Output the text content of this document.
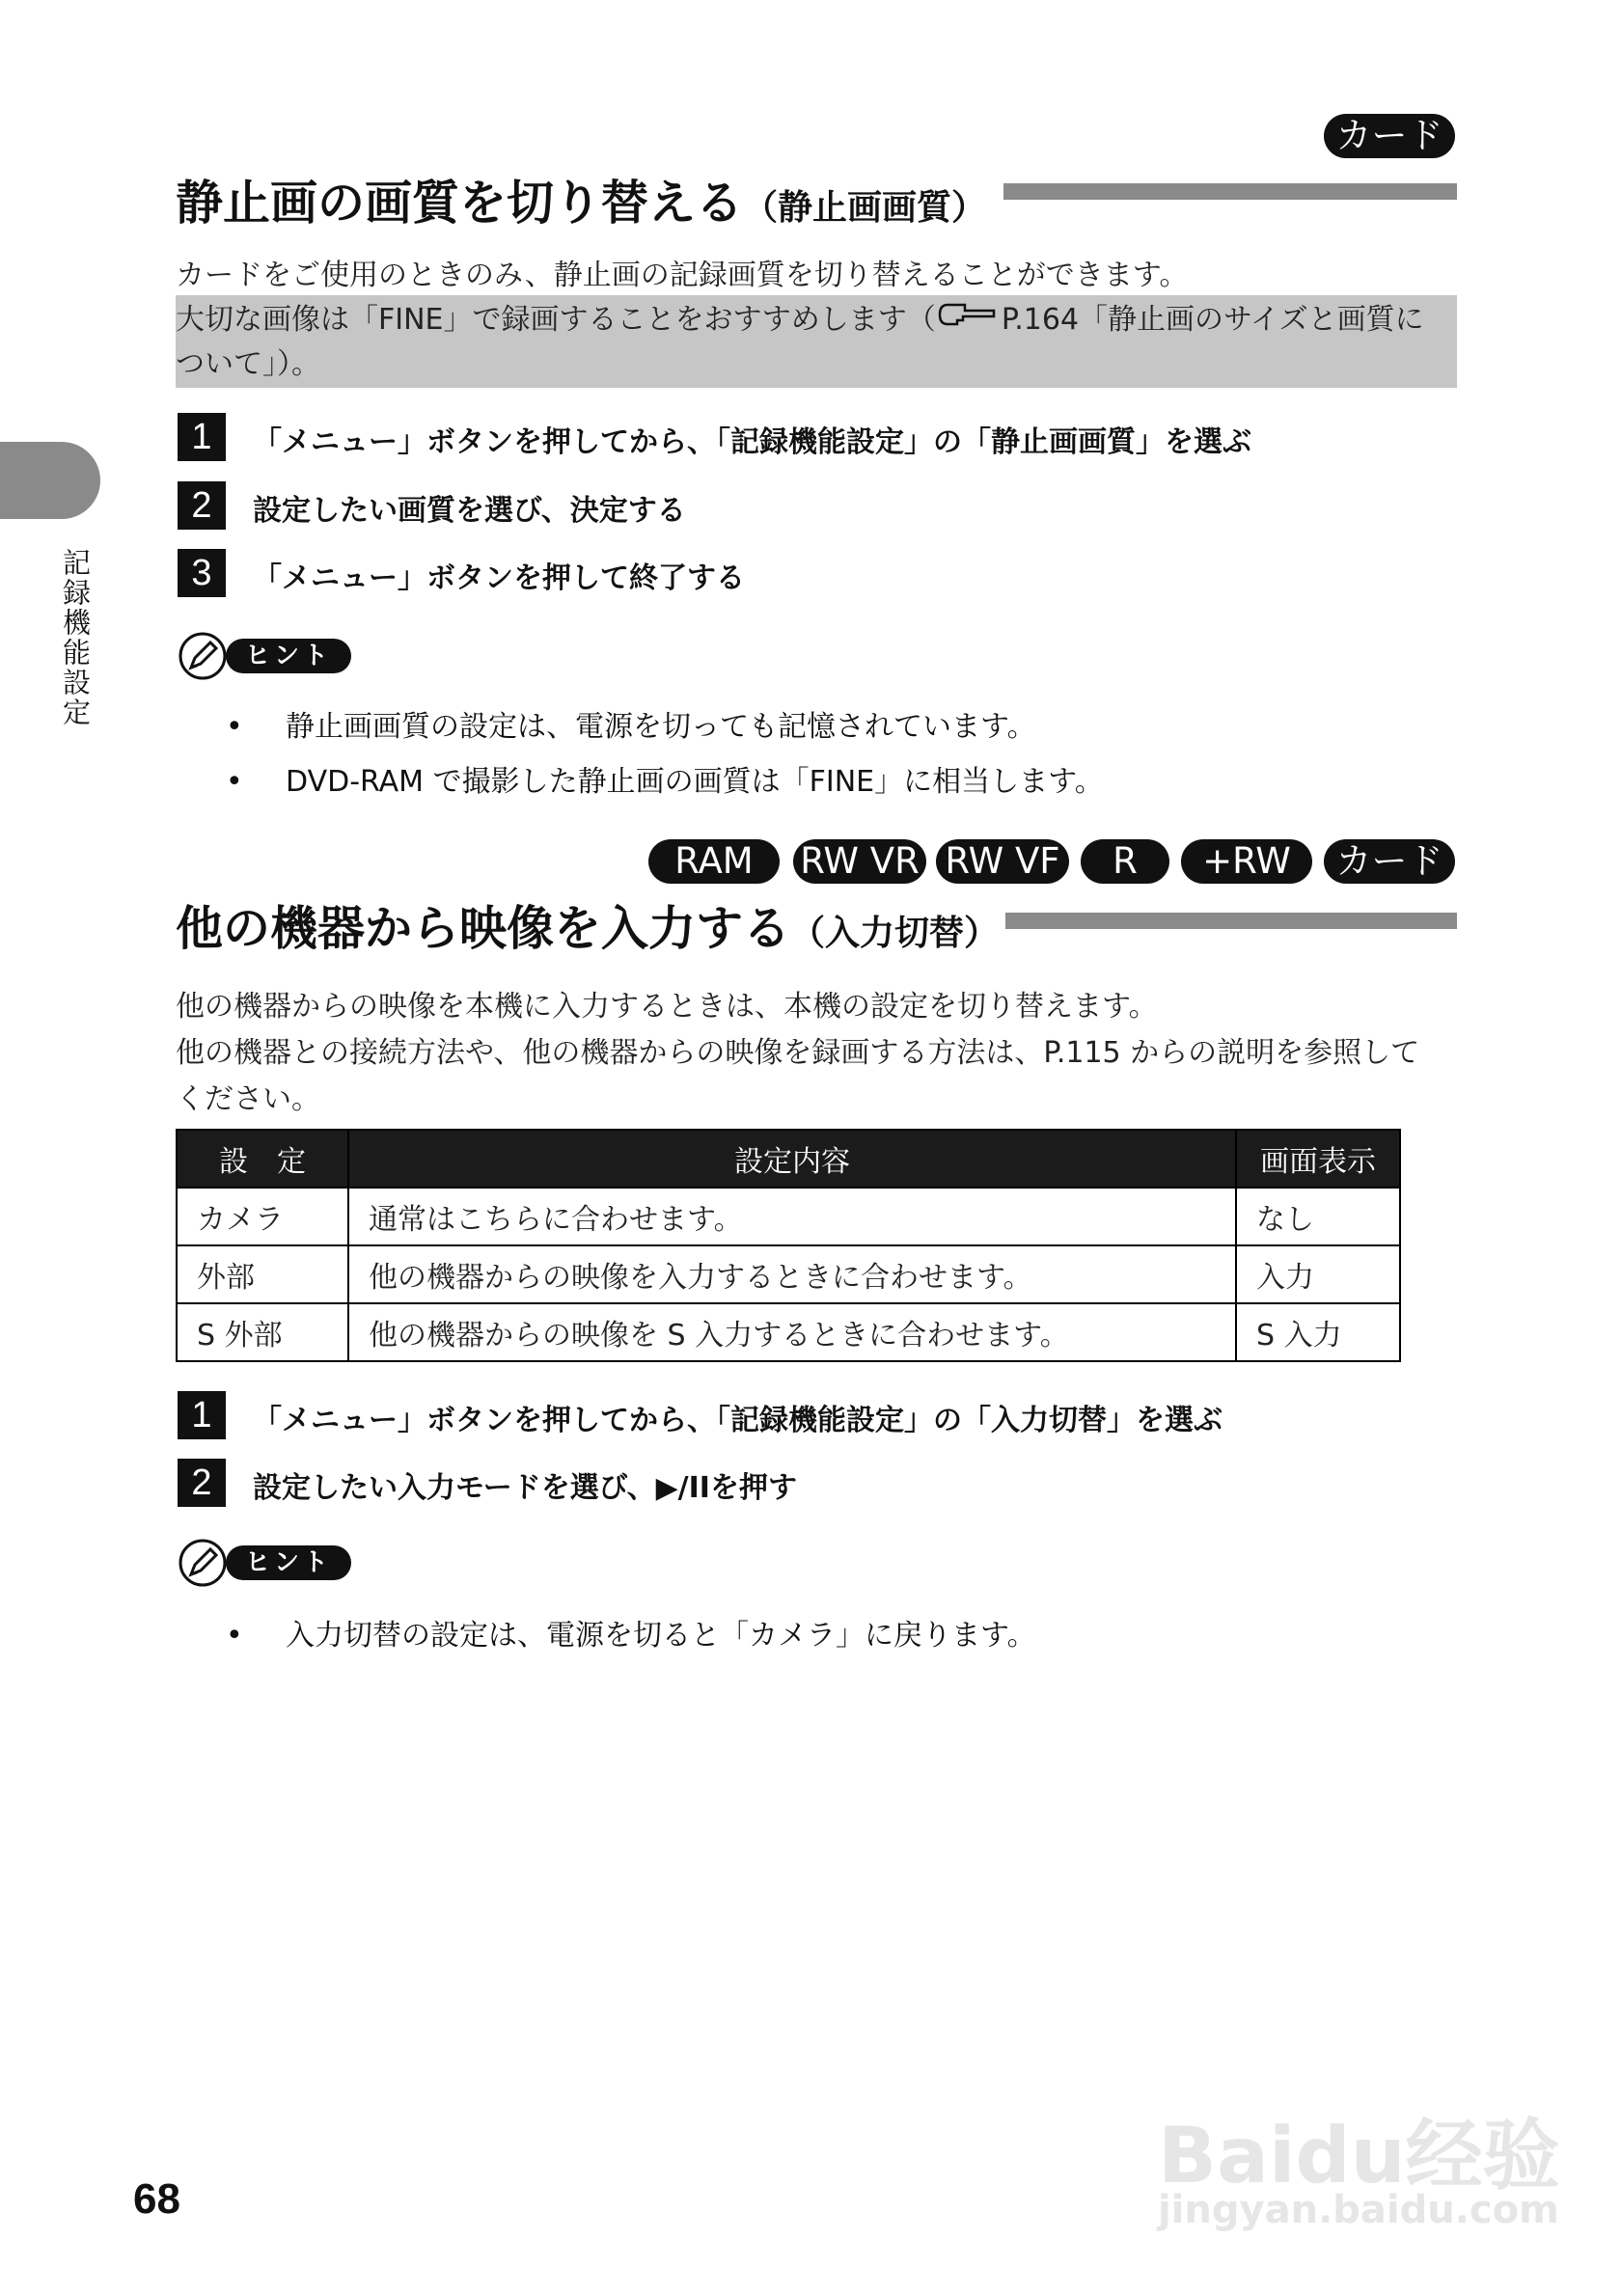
カード
静止画の画質を切り替える（静止画画質）
カードをご使用のときのみ、静止画の記録画質を切り替えることができます。
大切な画像は「FINE」で録画することをおすすめします（ P.164「静止画のサイズと画質に
ついて」）。
1	「メニュー」ボタンを押してから、「記録機能設定」の「静止画画質」を選ぶ
2	設定したい画質を選び、決定する
3	「メニュー」ボタンを押して終了する
ヒント
• 静止画画質の設定は、電源を切っても記憶されています。
• DVD-RAM で撮影した静止画の画質は「FINE」に相当します。
RAM	RW VR RW VF	R	+RW	カード
他の機器から映像を入力する（入力切替）
他の機器からの映像を本機に入力するときは、本機の設定を切り替えます。
他の機器との接続方法や、他の機器からの映像を録画する方法は、P.115 からの説明を参照して
ください。
設　定	設定内容	画面表示
カメラ	通常はこちらに合わせます。	なし
外部	他の機器からの映像を入力するときに合わせます。	入力
S 外部	他の機器からの映像を S 入力するときに合わせます。	S 入力
1	「メニュー」ボタンを押してから、「記録機能設定」の「入力切替」を選ぶ
2	設定したい入力モードを選び、▶/IIを押す
ヒント
• 入力切替の設定は、電源を切ると「カメラ」に戻ります。
記録機能設定
68	Baidu经验
jingyan.baidu.com
